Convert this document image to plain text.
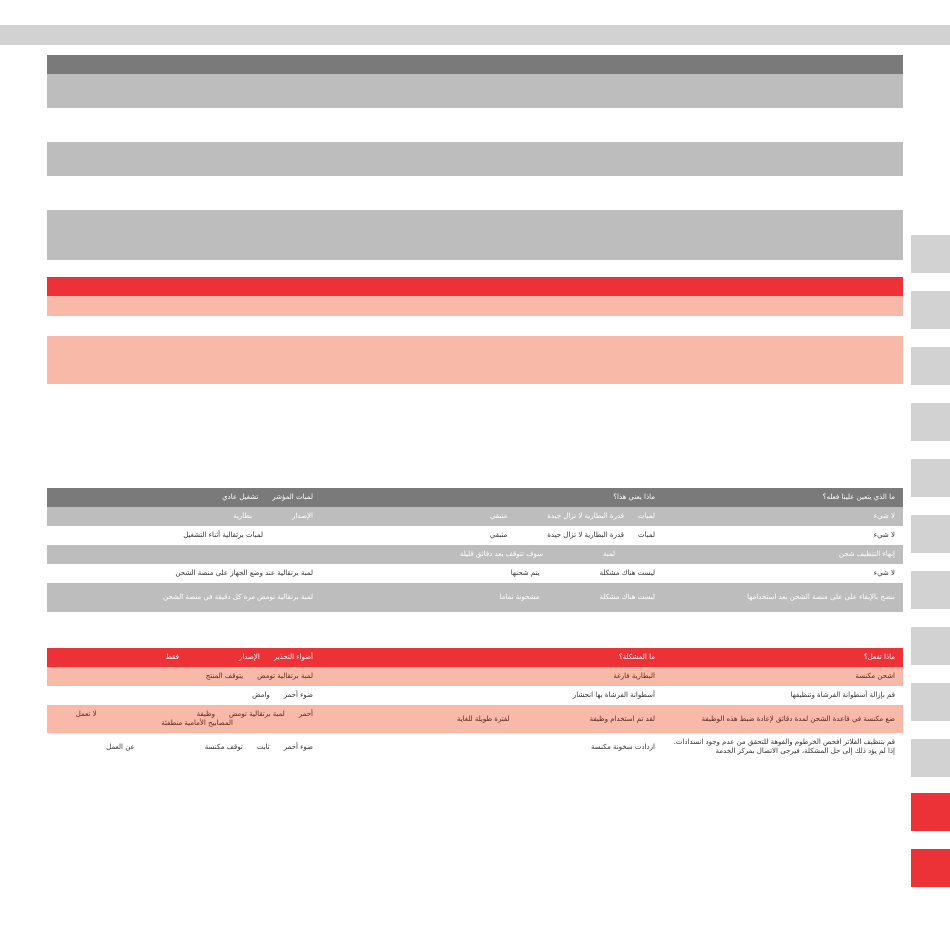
ما الذي يتعين علينا فعله؟
ماذا يعني هذا؟
لمبات المؤشر
تشغيل عادي
لا شيء
لمبات
قدرة البطارية لا تزال جيدة
متبقي
الإصدار
بطارية
لا شيء
لمبات
قدرة البطارية لا تزال جيدة
متبقي
لمبات برتقالية أثناء التشغيل
إنهاء التنظيف شحن
لمبة
سوف تتوقف بعد دقائق قليلة
لا شيء
ليست هناك مشكلة
يتم شحنها
لمبة برتقالية عند وضع الجهاز على منصة الشحن
ننصح بالإبقاء على على منصة الشحن بعد استخدامها
ليست هناك مشكلة
مشحونة تماما
لمبة برتقالية تومض مرة كل دقيقة في منصة الشحن
ماذا تفعل؟
ما المشكلة؟
أضواء التحذير
الإصدار
فقط
اشحن مكنسة
البطارية فارغة
لمبة برتقالية تومض
يتوقف المنتج
قم بإزالة أسطوانة الفرشاة وتنظيفها
أسطوانة الفرشاة بها انحشار
ضوء أحمر
وامض
ضع مكنسة في قاعدة الشحن لمدة دقائق لإعادة ضبط هذه الوظيفة
لقد تم استخدام وظيفة
لفترة طويلة للغاية
أحمرلمبة برتقالية تومضوظيفةلا تعمل
المصابيح الأمامية منطفئة
قم بتنظيف الفلاتر افحص الخرطوم والفوهة للتحقق من عدم وجود انسدادات. إذا لم يؤد ذلك إلى حل المشكلة، فيرجى الاتصال بمركز الخدمة
ازدادت سخونة مكنسة
ضوء أحمر
ثابت
توقف مكنسة
عن العمل
